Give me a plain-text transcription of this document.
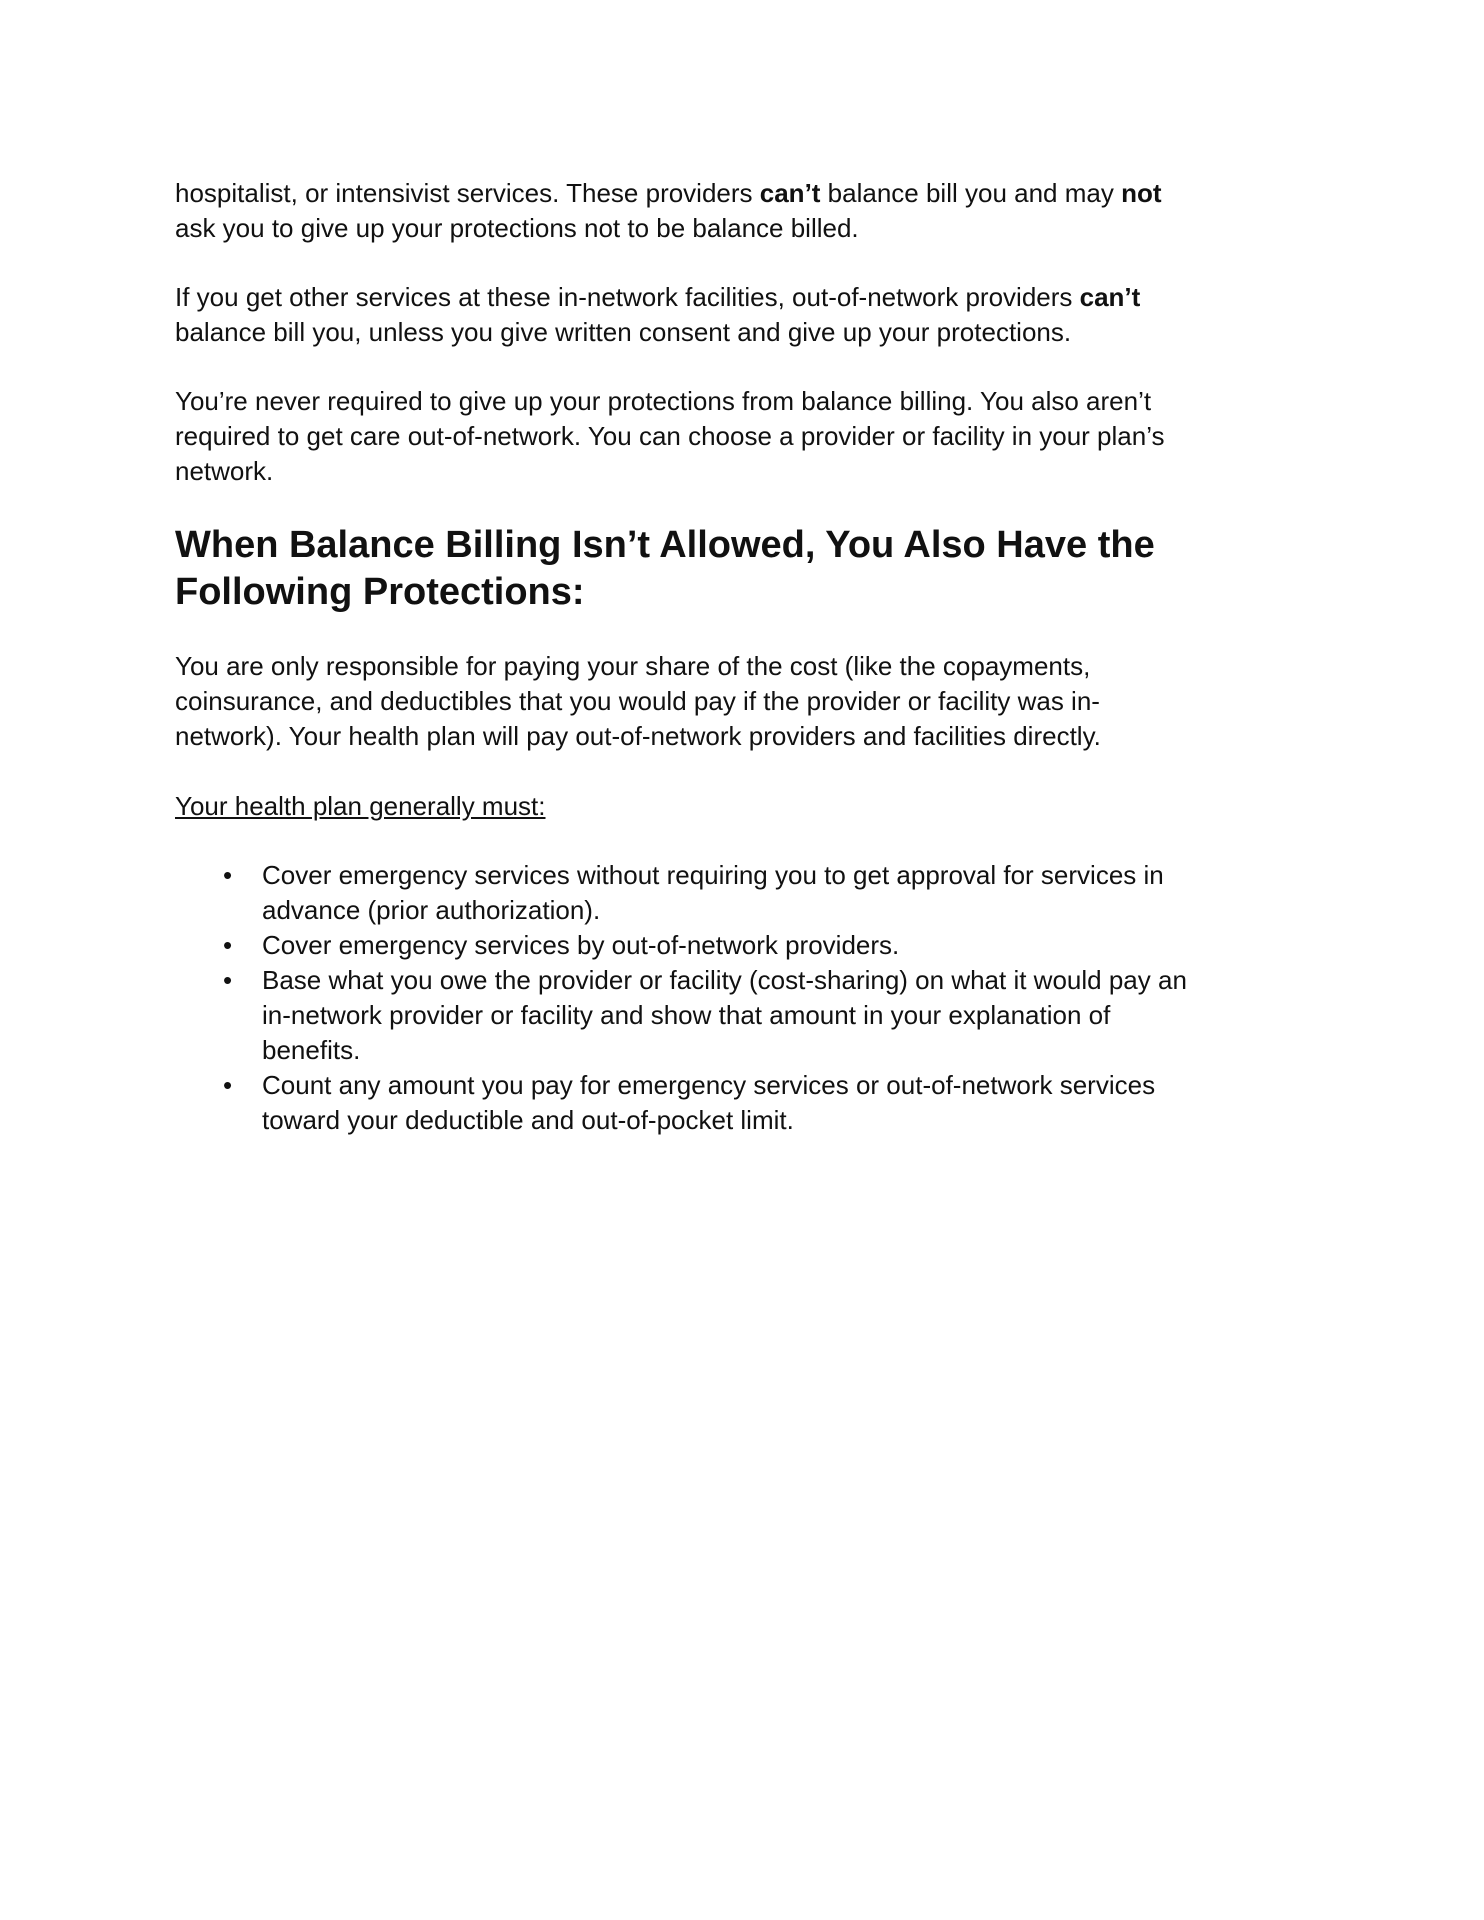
hospitalist, or intensivist services. These providers can’t balance bill you and may not
ask you to give up your protections not to be balance billed.
If you get other services at these in-network facilities, out-of-network providers can’t
balance bill you, unless you give written consent and give up your protections.
You’re never required to give up your protections from balance billing. You also aren’t
required to get care out-of-network. You can choose a provider or facility in your plan’s
network.
When Balance Billing Isn’t Allowed, You Also Have the
Following Protections:
You are only responsible for paying your share of the cost (like the copayments,
coinsurance, and deductibles that you would pay if the provider or facility was in-
network). Your health plan will pay out-of-network providers and facilities directly.
Your health plan generally must:
• Cover emergency services without requiring you to get approval for services in
advance (prior authorization).
• Cover emergency services by out-of-network providers.
• Base what you owe the provider or facility (cost-sharing) on what it would pay an
in-network provider or facility and show that amount in your explanation of
benefits.
• Count any amount you pay for emergency services or out-of-network services
toward your deductible and out-of-pocket limit.
